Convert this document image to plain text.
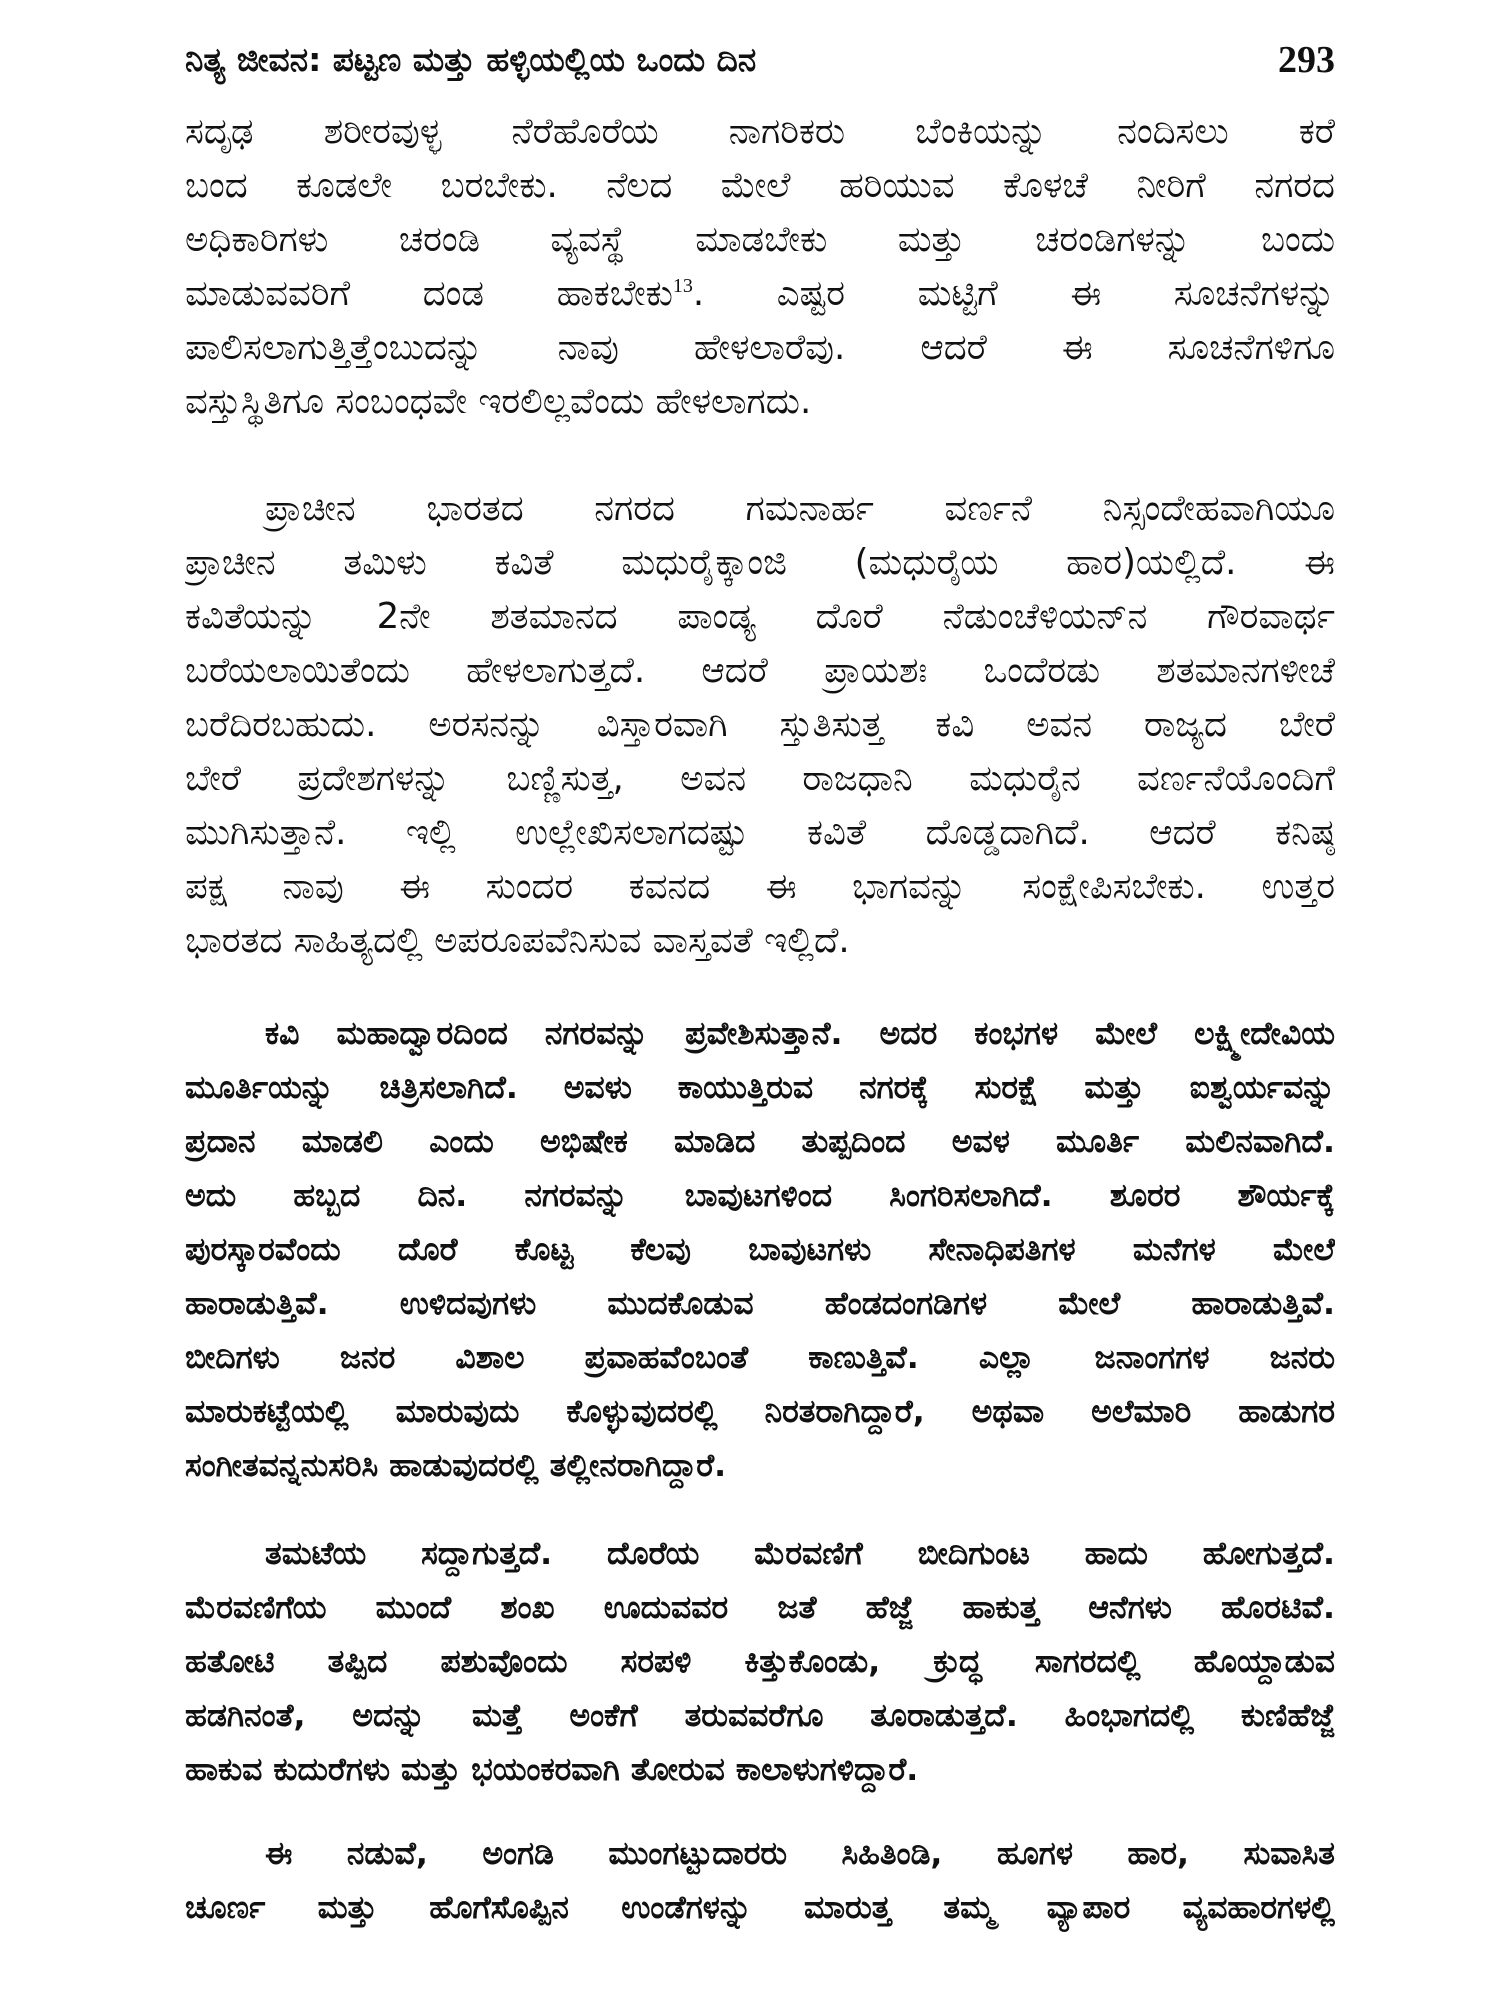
ನಿತ್ಯ ಜೀವನ: ಪಟ್ಟಣ ಮತ್ತು ಹಳ್ಳಿಯಲ್ಲಿಯ ಒಂದು ದಿನ	293
ಸದೃಢ ಶರೀರವುಳ್ಳ ನೆರೆಹೊರೆಯ ನಾಗರಿಕರು ಬೆಂಕಿಯನ್ನು ನಂದಿಸಲು ಕರೆ
ಬಂದ ಕೂಡಲೇ ಬರಬೇಕು. ನೆಲದ ಮೇಲೆ ಹರಿಯುವ ಕೊಳಚೆ ನೀರಿಗೆ ನಗರದ
ಅಧಿಕಾರಿಗಳು ಚರಂಡಿ ವ್ಯವಸ್ಥೆ ಮಾಡಬೇಕು ಮತ್ತು ಚರಂಡಿಗಳನ್ನು ಬಂದು
ಮಾಡುವವರಿಗೆ ದಂಡ ಹಾಕಬೇಕು$^{13}$. ಎಷ್ಟರ ಮಟ್ಟಿಗೆ ಈ ಸೂಚನೆಗಳನ್ನು
ಪಾಲಿಸಲಾಗುತ್ತಿತ್ತೆಂಬುದನ್ನು ನಾವು ಹೇಳಲಾರೆವು. ಆದರೆ ಈ ಸೂಚನೆಗಳಿಗೂ
ವಸ್ತುಸ್ಥಿತಿಗೂ ಸಂಬಂಧವೇ ಇರಲಿಲ್ಲವೆಂದು ಹೇಳಲಾಗದು.
ಪ್ರಾಚೀನ ಭಾರತದ ನಗರದ ಗಮನಾರ್ಹ ವರ್ಣನೆ ನಿಸ್ಸಂದೇಹವಾಗಿಯೂ
ಪ್ರಾಚೀನ ತಮಿಳು ಕವಿತೆ ಮಧುರೈಕ್ಕಾಂಜಿ (ಮಧುರೈಯ ಹಾರ)ಯಲ್ಲಿದೆ. ಈ
ಕವಿತೆಯನ್ನು 2ನೇ ಶತಮಾನದ ಪಾಂಡ್ಯ ದೊರೆ ನೆಡುಂಚೆಳಿಯನ್‌ನ ಗೌರವಾರ್ಥ
ಬರೆಯಲಾಯಿತೆಂದು ಹೇಳಲಾಗುತ್ತದೆ. ಆದರೆ ಪ್ರಾಯಶಃ ಒಂದೆರಡು ಶತಮಾನಗಳೀಚೆ
ಬರೆದಿರಬಹುದು. ಅರಸನನ್ನು ವಿಸ್ತಾರವಾಗಿ ಸ್ತುತಿಸುತ್ತ ಕವಿ ಅವನ ರಾಜ್ಯದ ಬೇರೆ
ಬೇರೆ ಪ್ರದೇಶಗಳನ್ನು ಬಣ್ಣಿಸುತ್ತ, ಅವನ ರಾಜಧಾನಿ ಮಧುರೈನ ವರ್ಣನೆಯೊಂದಿಗೆ
ಮುಗಿಸುತ್ತಾನೆ. ಇಲ್ಲಿ ಉಲ್ಲೇಖಿಸಲಾಗದಷ್ಟು ಕವಿತೆ ದೊಡ್ಡದಾಗಿದೆ. ಆದರೆ ಕನಿಷ್ಠ
ಪಕ್ಷ ನಾವು ಈ ಸುಂದರ ಕವನದ ಈ ಭಾಗವನ್ನು ಸಂಕ್ಷೇಪಿಸಬೇಕು. ಉತ್ತರ
ಭಾರತದ ಸಾಹಿತ್ಯದಲ್ಲಿ ಅಪರೂಪವೆನಿಸುವ ವಾಸ್ತವತೆ ಇಲ್ಲಿದೆ.
ಕವಿ ಮಹಾದ್ವಾರದಿಂದ ನಗರವನ್ನು ಪ್ರವೇಶಿಸುತ್ತಾನೆ. ಅದರ ಕಂಭಗಳ ಮೇಲೆ ಲಕ್ಷ್ಮೀದೇವಿಯ
ಮೂರ್ತಿಯನ್ನು ಚಿತ್ರಿಸಲಾಗಿದೆ. ಅವಳು ಕಾಯುತ್ತಿರುವ ನಗರಕ್ಕೆ ಸುರಕ್ಷೆ ಮತ್ತು ಐಶ್ವರ್ಯವನ್ನು
ಪ್ರದಾನ ಮಾಡಲಿ ಎಂದು ಅಭಿಷೇಕ ಮಾಡಿದ ತುಪ್ಪದಿಂದ ಅವಳ ಮೂರ್ತಿ ಮಲಿನವಾಗಿದೆ.
ಅದು ಹಬ್ಬದ ದಿನ. ನಗರವನ್ನು ಬಾವುಟಗಳಿಂದ ಸಿಂಗರಿಸಲಾಗಿದೆ. ಶೂರರ ಶೌರ್ಯಕ್ಕೆ
ಪುರಸ್ಕಾರವೆಂದು ದೊರೆ ಕೊಟ್ಟ ಕೆಲವು ಬಾವುಟಗಳು ಸೇನಾಧಿಪತಿಗಳ ಮನೆಗಳ ಮೇಲೆ
ಹಾರಾಡುತ್ತಿವೆ. ಉಳಿದವುಗಳು ಮುದಕೊಡುವ ಹೆಂಡದಂಗಡಿಗಳ ಮೇಲೆ ಹಾರಾಡುತ್ತಿವೆ.
ಬೀದಿಗಳು ಜನರ ವಿಶಾಲ ಪ್ರವಾಹವೆಂಬಂತೆ ಕಾಣುತ್ತಿವೆ. ಎಲ್ಲಾ ಜನಾಂಗಗಳ ಜನರು
ಮಾರುಕಟ್ಟೆಯಲ್ಲಿ ಮಾರುವುದು ಕೊಳ್ಳುವುದರಲ್ಲಿ ನಿರತರಾಗಿದ್ದಾರೆ, ಅಥವಾ ಅಲೆಮಾರಿ ಹಾಡುಗರ
ಸಂಗೀತವನ್ನನುಸರಿಸಿ ಹಾಡುವುದರಲ್ಲಿ ತಲ್ಲೀನರಾಗಿದ್ದಾರೆ.
ತಮಟೆಯ ಸದ್ದಾಗುತ್ತದೆ. ದೊರೆಯ ಮೆರವಣಿಗೆ ಬೀದಿಗುಂಟ ಹಾದು ಹೋಗುತ್ತದೆ.
ಮೆರವಣಿಗೆಯ ಮುಂದೆ ಶಂಖ ಊದುವವರ ಜತೆ ಹೆಜ್ಜೆ ಹಾಕುತ್ತ ಆನೆಗಳು ಹೊರಟಿವೆ.
ಹತೋಟಿ ತಪ್ಪಿದ ಪಶುವೊಂದು ಸರಪಳಿ ಕಿತ್ತುಕೊಂಡು, ಕ್ರುದ್ಧ ಸಾಗರದಲ್ಲಿ ಹೊಯ್ದಾಡುವ
ಹಡಗಿನಂತೆ, ಅದನ್ನು ಮತ್ತೆ ಅಂಕೆಗೆ ತರುವವರೆಗೂ ತೂರಾಡುತ್ತದೆ. ಹಿಂಭಾಗದಲ್ಲಿ ಕುಣಿಹೆಜ್ಜೆ
ಹಾಕುವ ಕುದುರೆಗಳು ಮತ್ತು ಭಯಂಕರವಾಗಿ ತೋರುವ ಕಾಲಾಳುಗಳಿದ್ದಾರೆ.
ಈ ನಡುವೆ, ಅಂಗಡಿ ಮುಂಗಟ್ಟುದಾರರು ಸಿಹಿತಿಂಡಿ, ಹೂಗಳ ಹಾರ, ಸುವಾಸಿತ
ಚೂರ್ಣ ಮತ್ತು ಹೊಗೆಸೊಪ್ಪಿನ ಉಂಡೆಗಳನ್ನು ಮಾರುತ್ತ ತಮ್ಮ ವ್ಯಾಪಾರ ವ್ಯವಹಾರಗಳಲ್ಲಿ
